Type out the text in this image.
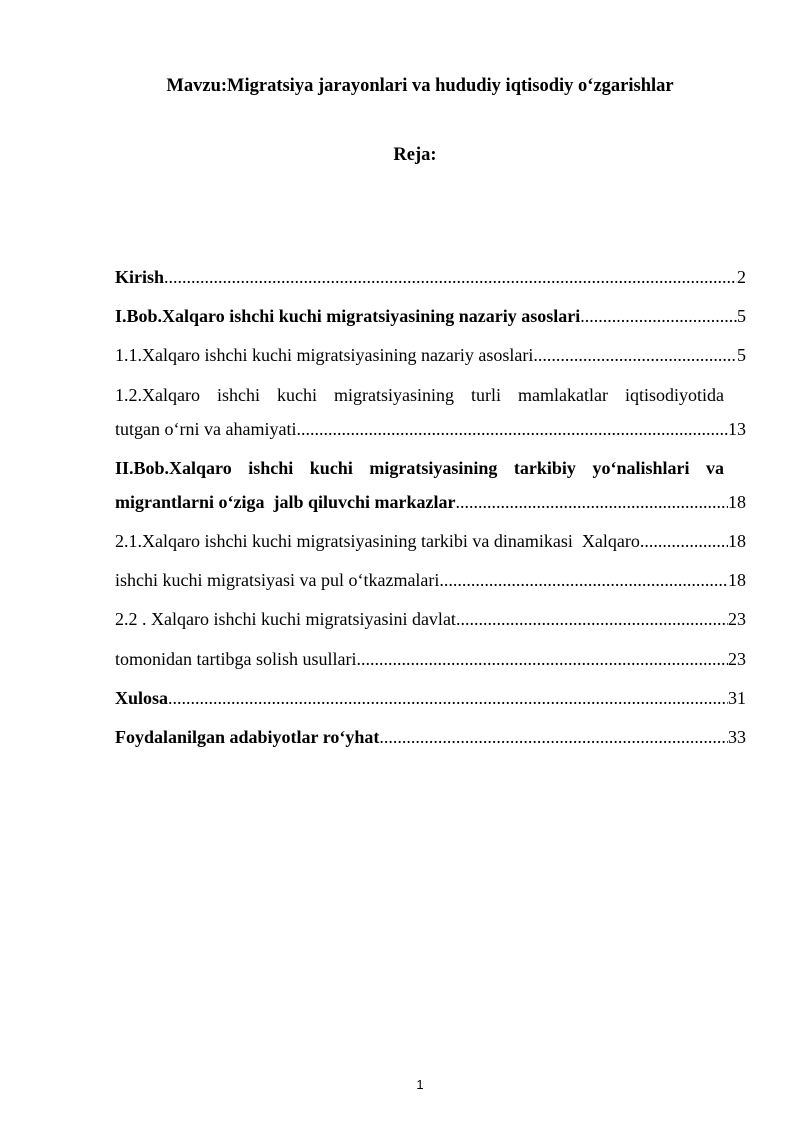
Mavzu:Migratsiya jarayonlari va hududiy iqtisodiy o‘zgarishlar
Reja:
Kirish .....	2
I.Bob.Xalqaro ishchi kuchi migratsiyasining nazariy asoslari .....	5
1.1.Xalqaro ishchi kuchi migratsiyasining nazariy asoslari .....	5
1.2.Xalqaro ishchi kuchi migratsiyasining turli mamlakatlar iqtisodiyotida
tutgan o‘rni va ahamiyati .....	13
II.Bob.Xalqaro ishchi kuchi migratsiyasining tarkibiy yo‘nalishlari va
migrantlarni o‘ziga  jalb qiluvchi markazlar .....	18
2.1.Xalqaro ishchi kuchi migratsiyasining tarkibi va dinamikasi  Xalqaro .....	18
ishchi kuchi migratsiyasi va pul o‘tkazmalari .....	18
2.2 . Xalqaro ishchi kuchi migratsiyasini davlat .....	23
tomonidan tartibga solish usullari .....	23
Xulosa .....	31
Foydalanilgan adabiyotlar ro‘yhat .....	33
1
